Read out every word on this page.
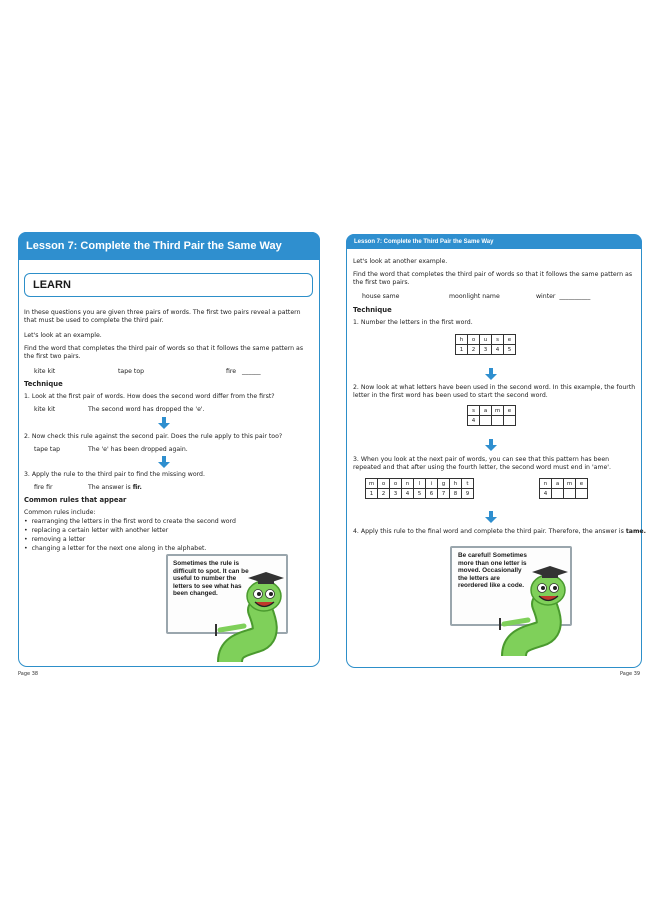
Lesson 7: Complete the Third Pair the Same Way
LEARN
In these questions you are given three pairs of words. The first two pairs reveal a pattern that must be used to complete the third pair.
Let's look at an example.
Find the word that completes the third pair of words so that it follows the same pattern as the first two pairs.
kite kit	tape top	fire ______
Technique
1. Look at the first pair of words. How does the second word differ from the first?
kite kit	The second word has dropped the 'e'.
2. Now check this rule against the second pair. Does the rule apply to this pair too?
tape tap	The 'e' has been dropped again.
3. Apply the rule to the third pair to find the missing word.
fire fir	The answer is fir.
Common rules that appear
Common rules include:
•  rearranging the letters in the first word to create the second word
•  replacing a certain letter with another letter
•  removing a letter
•  changing a letter for the next one along in the alphabet.
Sometimes the rule is difficult to spot. It can be useful to number the letters to see what has been changed.
Page 38
Lesson 7: Complete the Third Pair the Same Way
Let's look at another example.
Find the word that completes the third pair of words so that it follows the same pattern as the first two pairs.
house same	moonlight name	winter __________
Technique
1. Number the letters in the first word.
h	o	u	s	e
1	2	3	4	5
2. Now look at what letters have been used in the second word. In this example, the fourth letter in the first word has been used to start the second word.
s	a	m	e
4			
3. When you look at the next pair of words, you can see that this pattern has been repeated and that after using the fourth letter, the second word must end in 'ame'.
m	o	o	n	l	i	g	h	t
1	2	3	4	5	6	7	8	9
n	a	m	e
4			
4. Apply this rule to the final word and complete the third pair. Therefore, the answer is tame.
Be careful! Sometimes more than one letter is moved. Occasionally the letters are reordered like a code.
Page 39
